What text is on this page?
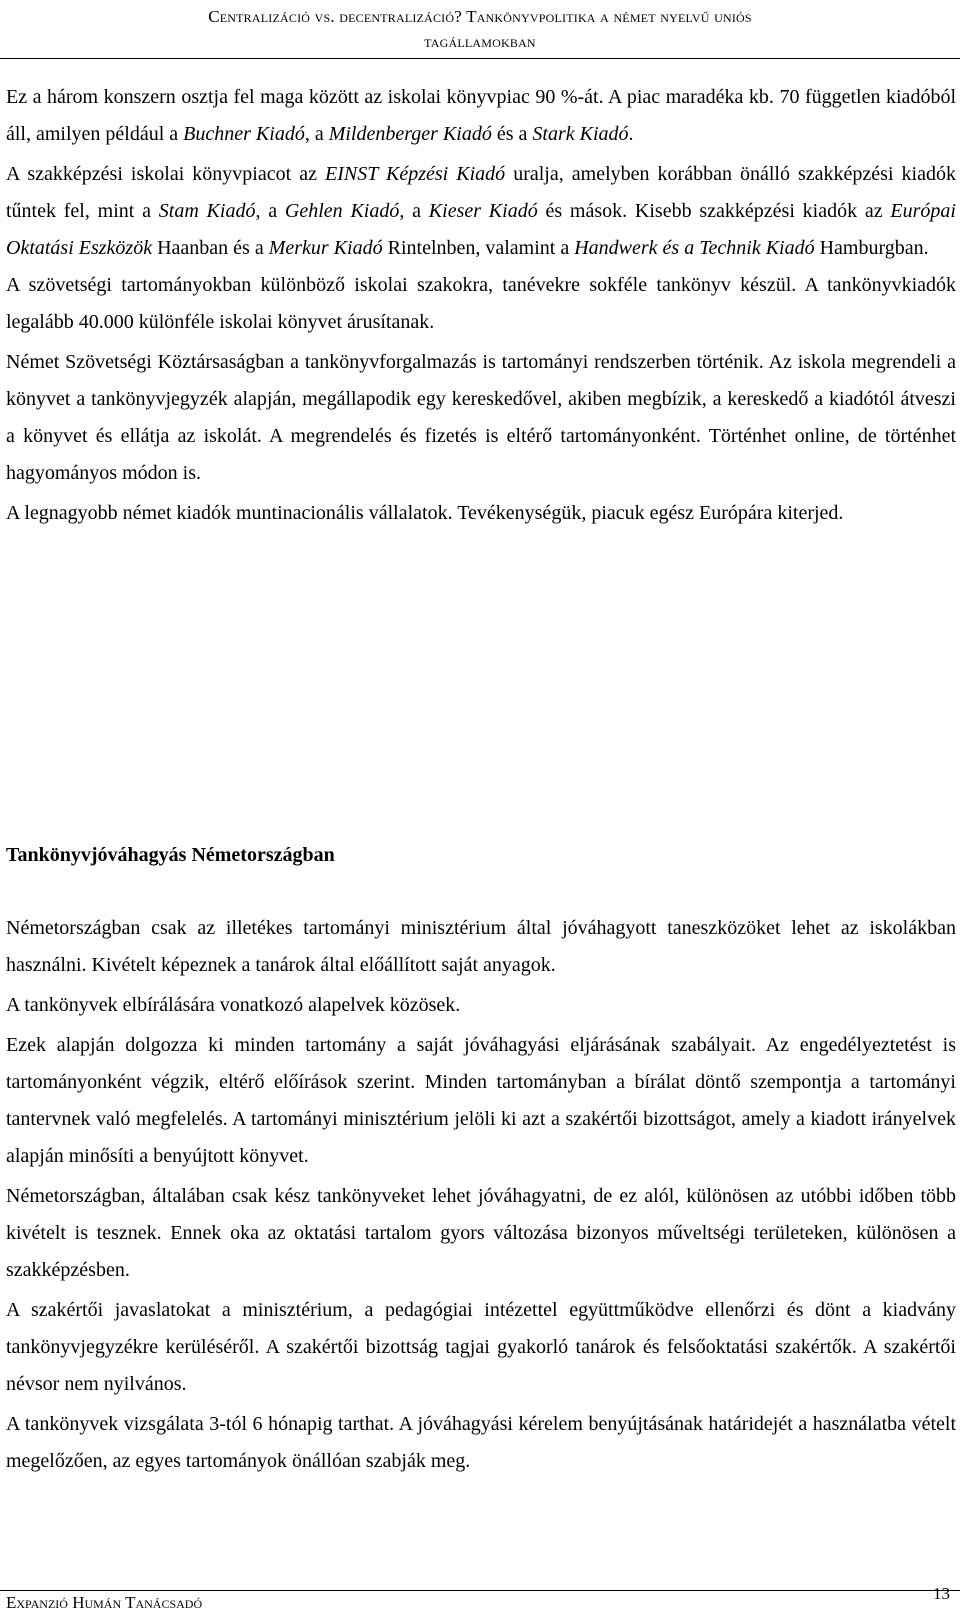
Centralizáció vs. decentralizáció? Tankönyvpolitika a német nyelvű uniós
tagállamokban

Ez a három konszern osztja fel maga között az iskolai könyvpiac 90 %-át. A piac maradéka kb. 70 független kiadóból áll, amilyen például a Buchner Kiadó, a Mildenberger Kiadó és a Stark Kiadó.

A szakképzési iskolai könyvpiacot az EINST Képzési Kiadó uralja, amelyben korábban önálló szakképzési kiadók tűntek fel, mint a Stam Kiadó, a Gehlen Kiadó, a Kieser Kiadó és mások. Kisebb szakképzési kiadók az Európai Oktatási Eszközök Haanban és a Merkur Kiadó Rintelnben, valamint a Handwerk és a Technik Kiadó Hamburgban.

A szövetségi tartományokban különböző iskolai szakokra, tanévekre sokféle tankönyv készül. A tankönyvkiadók legalább 40.000 különféle iskolai könyvet árusítanak.

Német Szövetségi Köztársaságban a tankönyvforgalmazás is tartományi rendszerben történik. Az iskola megrendeli a könyvet a tankönyvjegyzék alapján, megállapodik egy kereskedővel, akiben megbízik, a kereskedő a kiadótól átveszi a könyvet és ellátja az iskolát. A megrendelés és fizetés is eltérő tartományonként. Történhet online, de történhet hagyományos módon is.

A legnagyobb német kiadók muntinacionális vállalatok. Tevékenységük, piacuk egész Európára kiterjed.

Tankönyvjóváhagyás Németországban

Németországban csak az illetékes tartományi minisztérium által jóváhagyott taneszközöket lehet az iskolákban használni. Kivételt képeznek a tanárok által előállított saját anyagok.

A tankönyvek elbírálására vonatkozó alapelvek közösek.

Ezek alapján dolgozza ki minden tartomány a saját jóváhagyási eljárásának szabályait. Az engedélyeztetést is tartományonként végzik, eltérő előírások szerint. Minden tartományban a bírálat döntő szempontja a tartományi tantervnek való megfelelés. A tartományi minisztérium jelöli ki azt a szakértői bizottságot, amely a kiadott irányelvek alapján minősíti a benyújtott könyvet.

Németországban, általában csak kész tankönyveket lehet jóváhagyatni, de ez alól, különösen az utóbbi időben több kivételt is tesznek. Ennek oka az oktatási tartalom gyors változása bizonyos műveltségi területeken, különösen a szakképzésben.

A szakértői javaslatokat a minisztérium, a pedagógiai intézettel együttműködve ellenőrzi és dönt a kiadvány tankönyvjegyzékre kerüléséről. A szakértői bizottság tagjai gyakorló tanárok és felsőoktatási szakértők. A szakértői névsor nem nyilvános.

A tankönyvek vizsgálata 3-tól 6 hónapig tarthat. A jóváhagyási kérelem benyújtásának határidejét a használatba vételt megelőzően, az egyes tartományok önállóan szabják meg.

Expanzió Humán Tanácsadó	13
